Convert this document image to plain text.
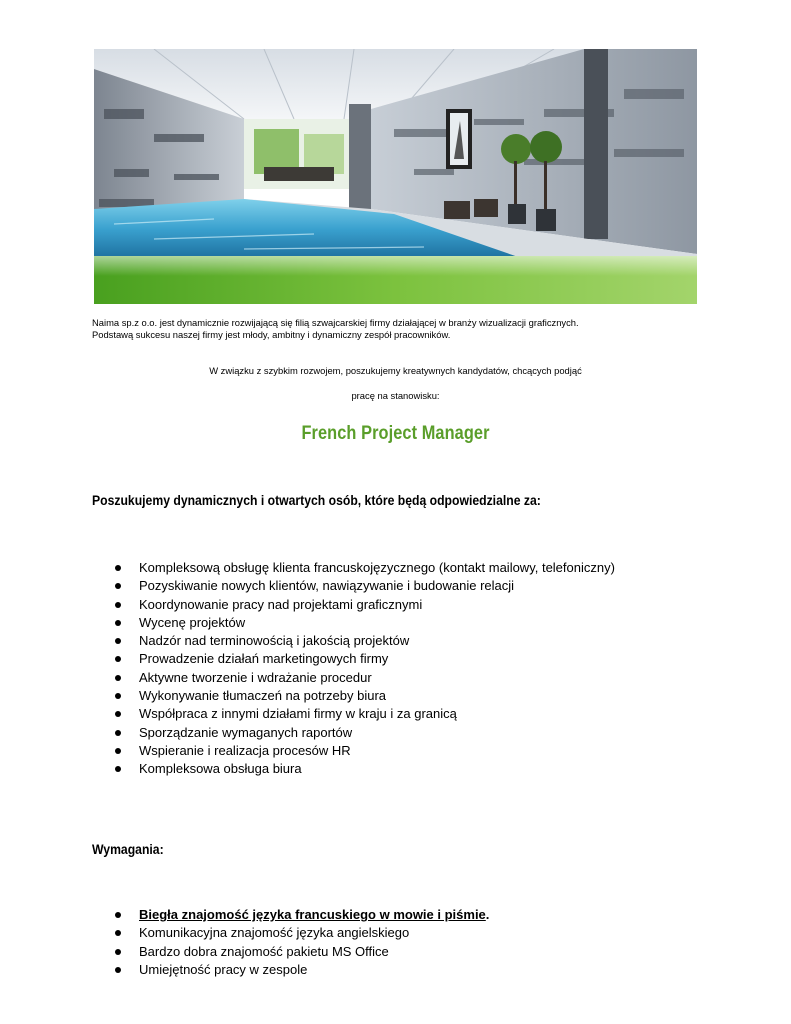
Naima sp.z o.o. jest dynamicznie rozwijającą się filią szwajcarskiej firmy działającej w branży wizualizacji graficznych.
Podstawą sukcesu naszej firmy jest młody, ambitny i dynamiczny zespół pracowników.
W związku z szybkim rozwojem, poszukujemy kreatywnych kandydatów, chcących podjąć
pracę na stanowisku:
French Project Manager
Poszukujemy dynamicznych i otwartych osób, które będą odpowiedzialne za:
Kompleksową obsługę klienta francuskojęzycznego (kontakt mailowy, telefoniczny)
Pozyskiwanie nowych klientów, nawiązywanie i budowanie relacji
Koordynowanie pracy nad projektami graficznymi
Wycenę projektów
Nadzór nad terminowością i jakością projektów
Prowadzenie działań marketingowych firmy
Aktywne tworzenie i wdrażanie procedur
Wykonywanie tłumaczeń na potrzeby biura
Współpraca z innymi działami firmy w kraju i za granicą
Sporządzanie wymaganych raportów
Wspieranie i realizacja procesów HR
Kompleksowa obsługa biura
Wymagania:
Biegła znajomość języka francuskiego w mowie i piśmie.
Komunikacyjna znajomość języka angielskiego
Bardzo dobra znajomość pakietu MS Office
Umiejętność pracy w zespole
